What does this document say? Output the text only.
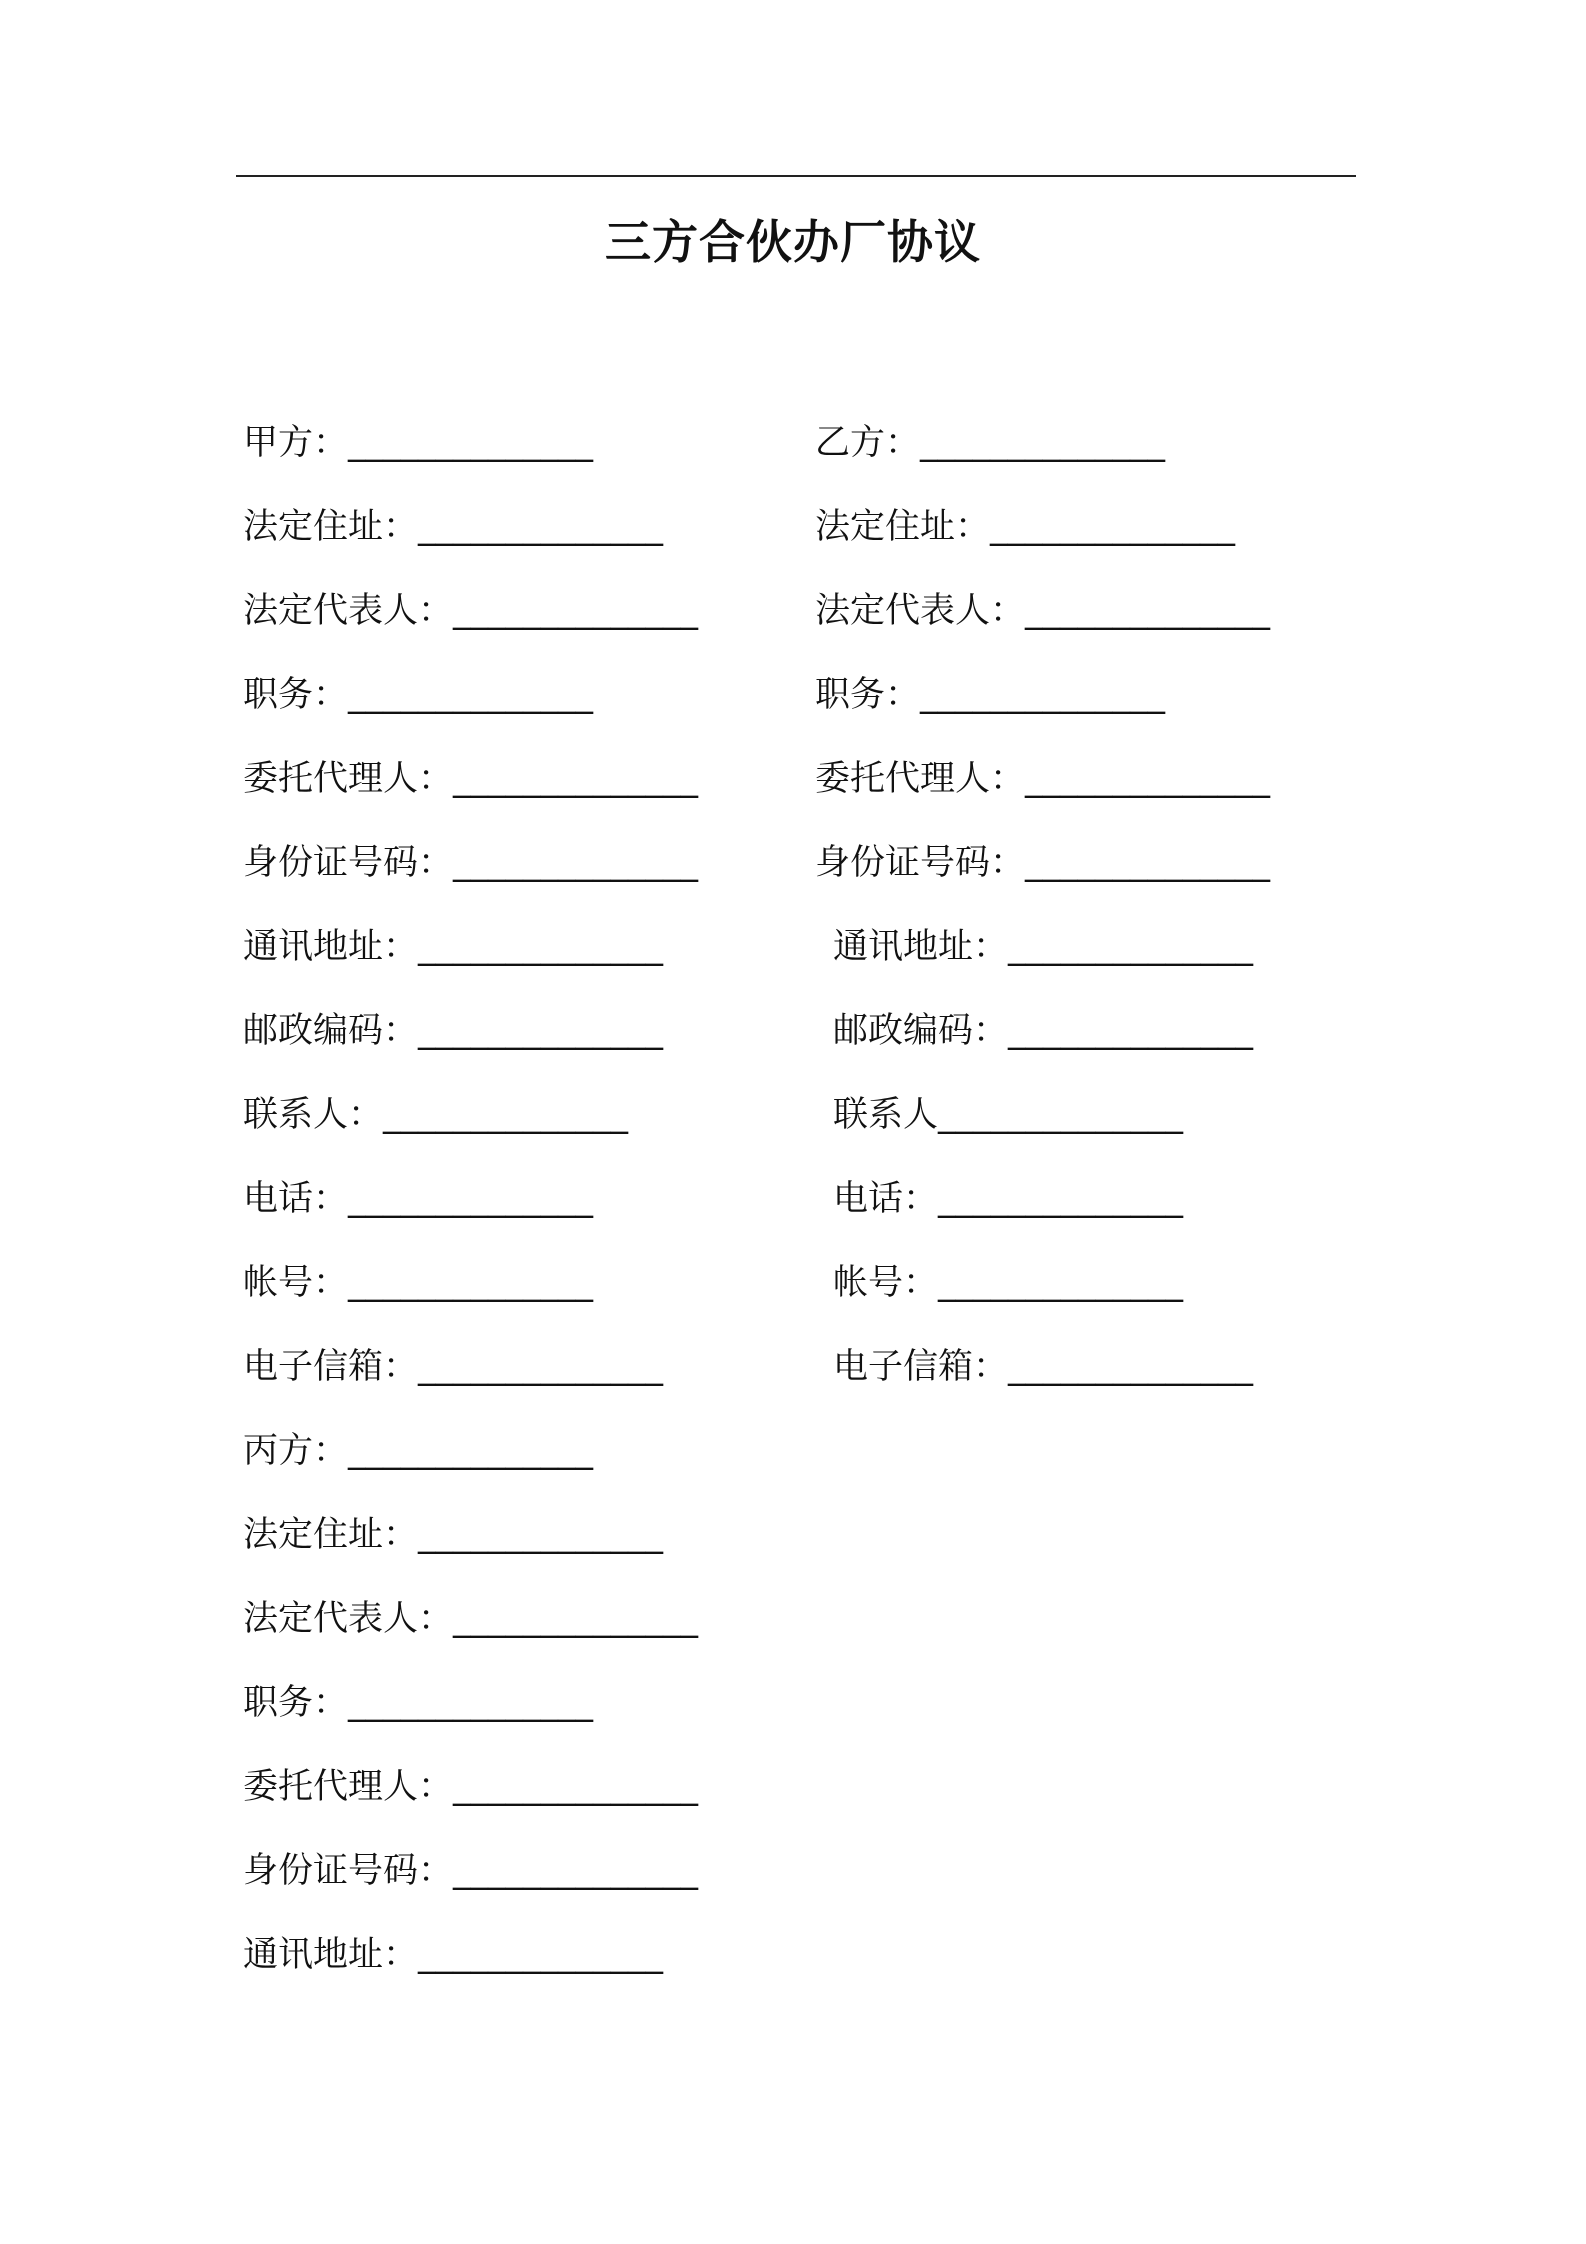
三方合伙办厂协议
甲方：______________
法定住址：______________
法定代表人：______________
职务：______________
委托代理人：______________
身份证号码：______________
通讯地址：______________
邮政编码：______________
联系人：______________
电话：______________
帐号：______________
电子信箱：______________
乙方：______________
法定住址：______________
法定代表人：______________
职务：______________
委托代理人：______________
身份证号码：______________
通讯地址：______________
邮政编码：______________
联系人______________
电话：______________
帐号：______________
电子信箱：______________
丙方：______________
法定住址：______________
法定代表人：______________
职务：______________
委托代理人：______________
身份证号码：______________
通讯地址：______________
